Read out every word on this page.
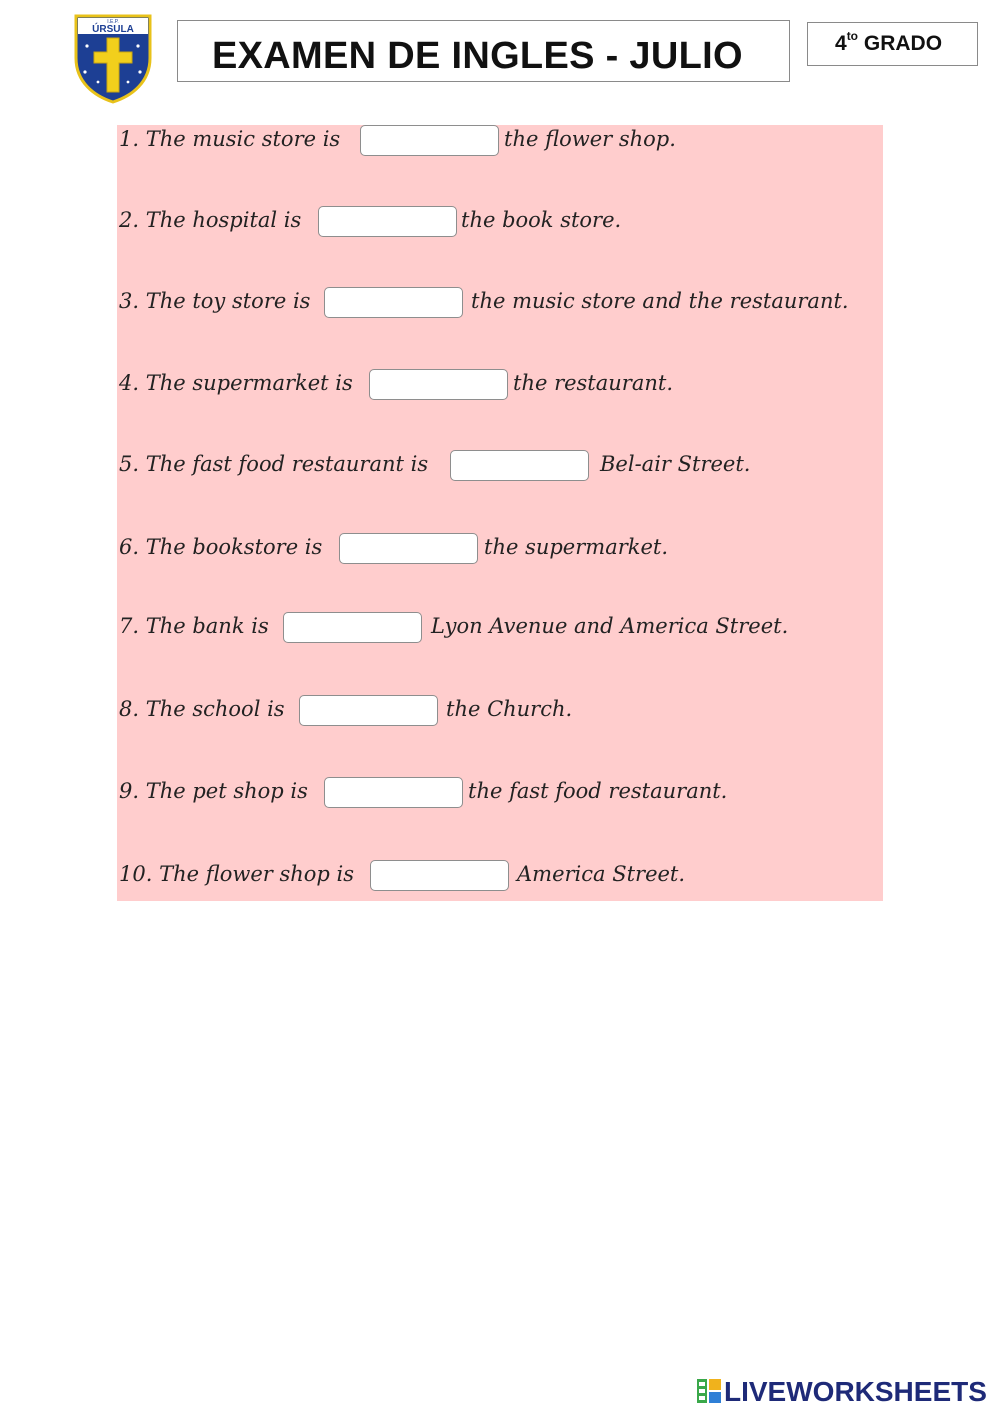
I.E.P.
ÚRSULA
EXAMEN DE INGLES - JULIO	$4^{to}$ GRADO
1. The music store is	the flower shop.
2. The hospital is	the book store.
3. The toy store is	the music store and the restaurant.
4. The supermarket is	the restaurant.
5. The fast food restaurant is	Bel-air Street.
6. The bookstore is	the supermarket.
7. The bank is	Lyon Avenue and America Street.
8. The school is	the Church.
9. The pet shop is	the fast food restaurant.
10. The flower shop is	America Street.
LIVEWORKSHEETS
